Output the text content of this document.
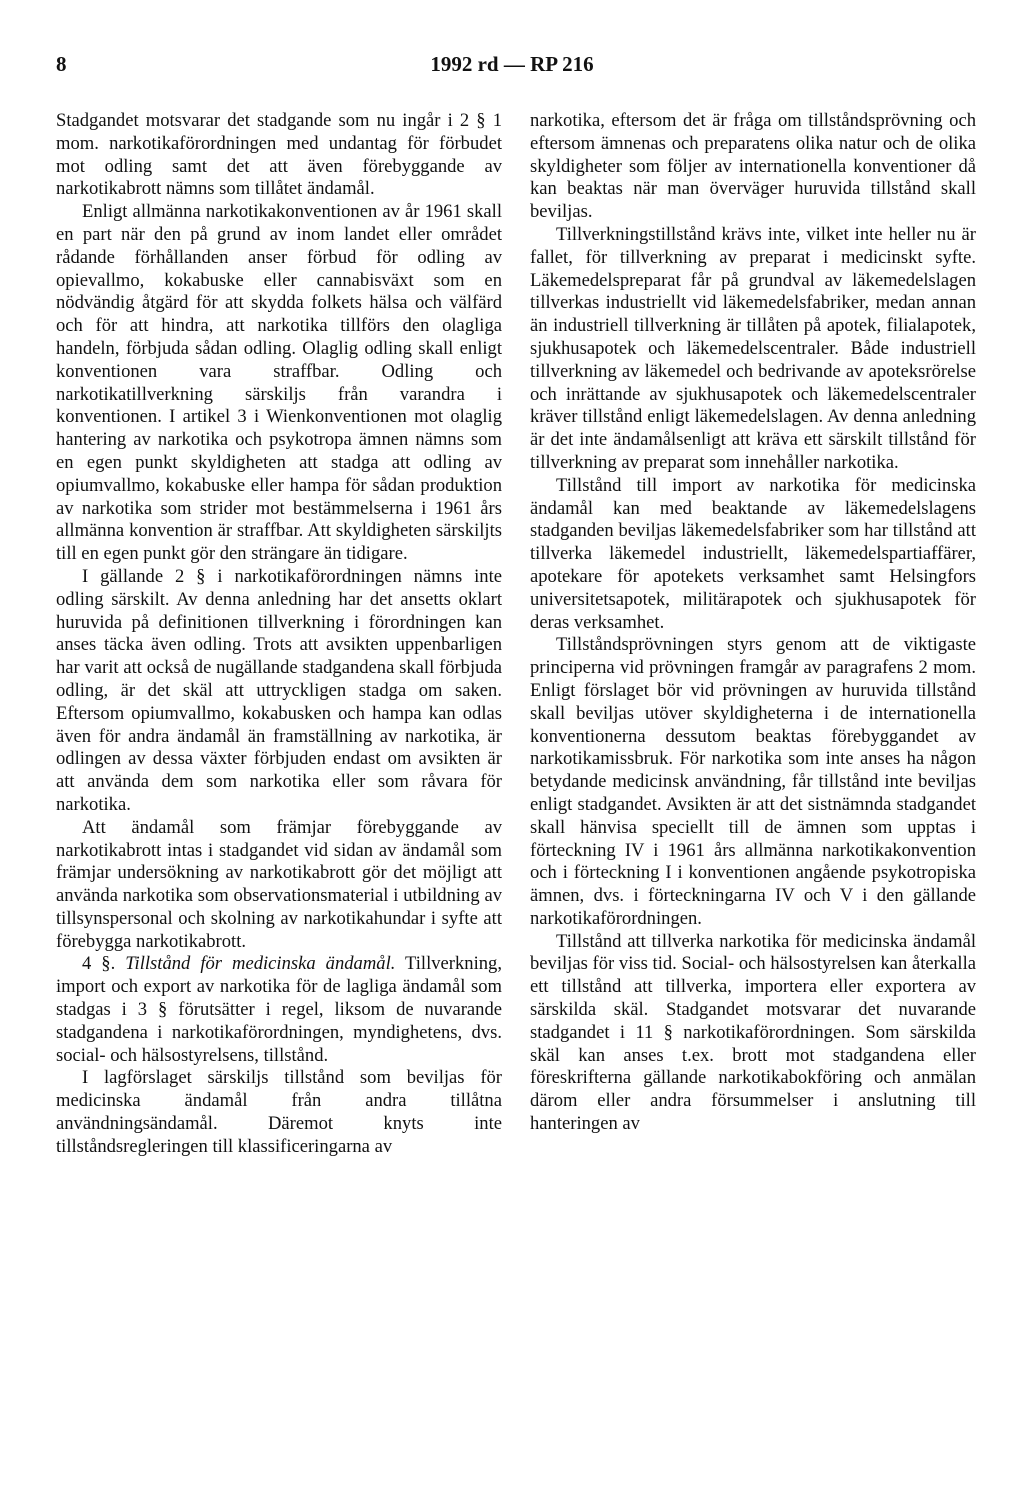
8	1992 rd — RP 216

Stadgandet motsvarar det stadgande som nu ingår i 2 § 1 mom. narkotikaförordningen med undantag för förbudet mot odling samt det att även förebyggande av narkotikabrott nämns som tillåtet ändamål.

Enligt allmänna narkotikakonventionen av år 1961 skall en part när den på grund av inom landet eller området rådande förhållanden anser förbud för odling av opievallmo, kokabuske eller cannabisväxt som en nödvändig åtgärd för att skydda folkets hälsa och välfärd och för att hindra, att narkotika tillförs den olagliga handeln, förbjuda sådan odling. Olaglig odling skall enligt konventionen vara straffbar. Odling och narkotikatillverkning särskiljs från varandra i konventionen. I artikel 3 i Wienkonventionen mot olaglig hantering av narkotika och psykotropa ämnen nämns som en egen punkt skyldigheten att stadga att odling av opiumvallmo, kokabuske eller hampa för sådan produktion av narkotika som strider mot bestämmelserna i 1961 års allmänna konvention är straffbar. Att skyldigheten särskiljts till en egen punkt gör den strängare än tidigare.

I gällande 2 § i narkotikaförordningen nämns inte odling särskilt. Av denna anledning har det ansetts oklart huruvida på definitionen tillverkning i förordningen kan anses täcka även odling. Trots att avsikten uppenbarligen har varit att också de nugällande stadgandena skall förbjuda odling, är det skäl att uttryckligen stadga om saken. Eftersom opiumvallmo, kokabusken och hampa kan odlas även för andra ändamål än framställning av narkotika, är odlingen av dessa växter förbjuden endast om avsikten är att använda dem som narkotika eller som råvara för narkotika.

Att ändamål som främjar förebyggande av narkotikabrott intas i stadgandet vid sidan av ändamål som främjar undersökning av narkotikabrott gör det möjligt att använda narkotika som observationsmaterial i utbildning av tillsynspersonal och skolning av narkotikahundar i syfte att förebygga narkotikabrott.

4 §. Tillstånd för medicinska ändamål. Tillverkning, import och export av narkotika för de lagliga ändamål som stadgas i 3 § förutsätter i regel, liksom de nuvarande stadgandena i narkotikaförordningen, myndighetens, dvs. social- och hälsostyrelsens, tillstånd.

I lagförslaget särskiljs tillstånd som beviljas för medicinska ändamål från andra tillåtna användningsändamål. Däremot knyts inte tillståndsregleringen till klassificeringarna av

narkotika, eftersom det är fråga om tillståndsprövning och eftersom ämnenas och preparatens olika natur och de olika skyldigheter som följer av internationella konventioner då kan beaktas när man överväger huruvida tillstånd skall beviljas.

Tillverkningstillstånd krävs inte, vilket inte heller nu är fallet, för tillverkning av preparat i medicinskt syfte. Läkemedelspreparat får på grundval av läkemedelslagen tillverkas industriellt vid läkemedelsfabriker, medan annan än industriell tillverkning är tillåten på apotek, filialapotek, sjukhusapotek och läkemedelscentraler. Både industriell tillverkning av läkemedel och bedrivande av apoteksrörelse och inrättande av sjukhusapotek och läkemedelscentraler kräver tillstånd enligt läkemedelslagen. Av denna anledning är det inte ändamålsenligt att kräva ett särskilt tillstånd för tillverkning av preparat som innehåller narkotika.

Tillstånd till import av narkotika för medicinska ändamål kan med beaktande av läkemedelslagens stadganden beviljas läkemedelsfabriker som har tillstånd att tillverka läkemedel industriellt, läkemedelspartiaffärer, apotekare för apotekets verksamhet samt Helsingfors universitetsapotek, militärapotek och sjukhusapotek för deras verksamhet.

Tillståndsprövningen styrs genom att de viktigaste principerna vid prövningen framgår av paragrafens 2 mom. Enligt förslaget bör vid prövningen av huruvida tillstånd skall beviljas utöver skyldigheterna i de internationella konventionerna dessutom beaktas förebyggandet av narkotikamissbruk. För narkotika som inte anses ha någon betydande medicinsk användning, får tillstånd inte beviljas enligt stadgandet. Avsikten är att det sistnämnda stadgandet skall hänvisa speciellt till de ämnen som upptas i förteckning IV i 1961 års allmänna narkotikakonvention och i förteckning I i konventionen angående psykotropiska ämnen, dvs. i förteckningarna IV och V i den gällande narkotikaförordningen.

Tillstånd att tillverka narkotika för medicinska ändamål beviljas för viss tid. Social- och hälsostyrelsen kan återkalla ett tillstånd att tillverka, importera eller exportera av särskilda skäl. Stadgandet motsvarar det nuvarande stadgandet i 11 § narkotikaförordningen. Som särskilda skäl kan anses t.ex. brott mot stadgandena eller föreskrifterna gällande narkotikabokföring och anmälan därom eller andra försummelser i anslutning till hanteringen av
